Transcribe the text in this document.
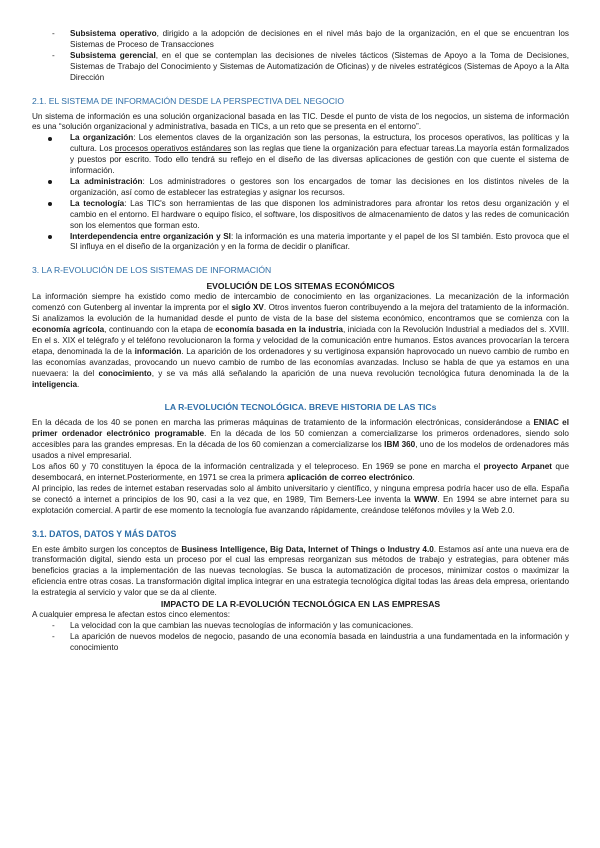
- Subsistema operativo, dirigido a la adopción de decisiones en el nivel más bajo de la organización, en el que se encuentran los Sistemas de Proceso de Transacciones
- Subsistema gerencial, en el que se contemplan las decisiones de niveles tácticos (Sistemas de Apoyo a la Toma de Decisiones, Sistemas de Trabajo del Conocimiento y Sistemas de Automatización de Oficinas) y de niveles estratégicos (Sistemas de Apoyo a la Alta Dirección
2.1. EL SISTEMA DE INFORMACIÓN DESDE LA PERSPECTIVA DEL NEGOCIO

Un sistema de información es una solución organizacional basada en las TIC. Desde el punto de vista de los negocios, un sistema de información es una “solución organizacional y administrativa, basada en TICs, a un reto que se presenta en el entorno”.

La organización: Los elementos claves de la organización son las personas, la estructura, los procesos operativos, las políticas y la cultura. Los procesos operativos estándares son las reglas que tiene la organización para efectuar tareas.La mayoría están formalizados y puestos por escrito. Todo ello tendrá su reflejo en el diseño de las diversas aplicaciones de gestión con que cuente el sistema de información.
La administración: Los administradores o gestores son los encargados de tomar las decisiones en los distintos niveles de la organización, así como de establecer las estrategias y asignar los recursos.
La tecnología: Las TIC's son herramientas de las que disponen los administradores para afrontar los retos desu organización y el cambio en el entorno. El hardware o equipo físico, el software, los dispositivos de almacenamiento de datos y las redes de comunicación son los elementos que forman esto.
Interdependencia entre organización y SI: la información es una materia importante y el papel de los SI también. Esto provoca que el SI influya en el diseño de la organización y en la forma de decidir o planificar.
3. LA R-EVOLUCIÓN DE LOS SISTEMAS DE INFORMACIÓN
EVOLUCIÓN DE LOS SITEMAS ECONÓMICOS

La información siempre ha existido como medio de intercambio de conocimiento en las organizaciones. La mecanización de la información comenzó con Gutenberg al inventar la imprenta por el siglo XV. Otros inventos fueron contribuyendo a la mejora del tratamiento de la información. Si analizamos la evolución de la humanidad desde el punto de vista de la base del sistema económico, encontramos que se comienza con la economía agrícola, continuando con la etapa de economía basada en la industria, iniciada con la Revolución Industrial a mediados del s. XVIII. En el s. XIX el telégrafo y el teléfono revolucionaron la forma y velocidad de la comunicación entre humanos. Estos avances provocarían la tercera etapa, denominada la de la información. La aparición de los ordenadores y su vertiginosa expansión haprovocado un nuevo cambio de rumbo en las economías avanzadas, provocando un nuevo cambio de rumbo de las economías avanzadas. Incluso se habla de que ya estamos en una nuevaera: la del conocimiento, y se va más allá señalando la aparición de una nueva revolución tecnológica futura denominada la de la inteligencia.

LA R-EVOLUCIÓN TECNOLÓGICA. BREVE HISTORIA DE LAS TICs

En la década de los 40 se ponen en marcha las primeras máquinas de tratamiento de la información electrónicas, considerándose a ENIAC el primer ordenador electrónico programable. En la década de los 50 comienzan a comercializarse los primeros ordenadores, siendo solo accesibles para las grandes empresas. En la década de los 60 comienzan a comercializarse los IBM 360, uno de los modelos de ordenadores más usados a nivel empresarial.

Los años 60 y 70 constituyen la época de la información centralizada y el teleproceso. En 1969 se pone en marcha el proyecto Arpanet que desembocará, en internet.Posteriormente, en 1971 se crea la primera aplicación de correo electrónico.

Al principio, las redes de internet estaban reservadas solo al ámbito universitario y científico, y ninguna empresa podría hacer uso de ella. España se conectó a internet a principios de los 90, casi a la vez que, en 1989, Tim Berners-Lee inventa la WWW. En 1994 se abre internet para su explotación comercial. A partir de ese momento la tecnología fue avanzando rápidamente, creándose teléfonos móviles y la Web 2.0.

3.1. DATOS, DATOS Y MÁS DATOS

En este ámbito surgen los conceptos de Business Intelligence, Big Data, Internet of Things o Industry 4.0. Estamos así ante una nueva era de transformación digital, siendo esta un proceso por el cual las empresas reorganizan sus métodos de trabajo y estrategias, para obtener más beneficios gracias a la implementación de las nuevas tecnologías. Se busca la automatización de procesos, minimizar costos o maximizar la eficiencia entre otras cosas. La transformación digital implica integrar en una estrategia tecnológica digital todas las áreas dela empresa, orientando la estrategia al servicio y valor que se da al cliente.

IMPACTO DE LA R-EVOLUCIÓN TECNOLÓGICA EN LAS EMPRESAS

A cualquier empresa le afectan estos cinco elementos:

- La velocidad con la que cambian las nuevas tecnologías de información y las comunicaciones.
- La aparición de nuevos modelos de negocio, pasando de una economía basada en laindustria a una fundamentada en la información y conocimiento
